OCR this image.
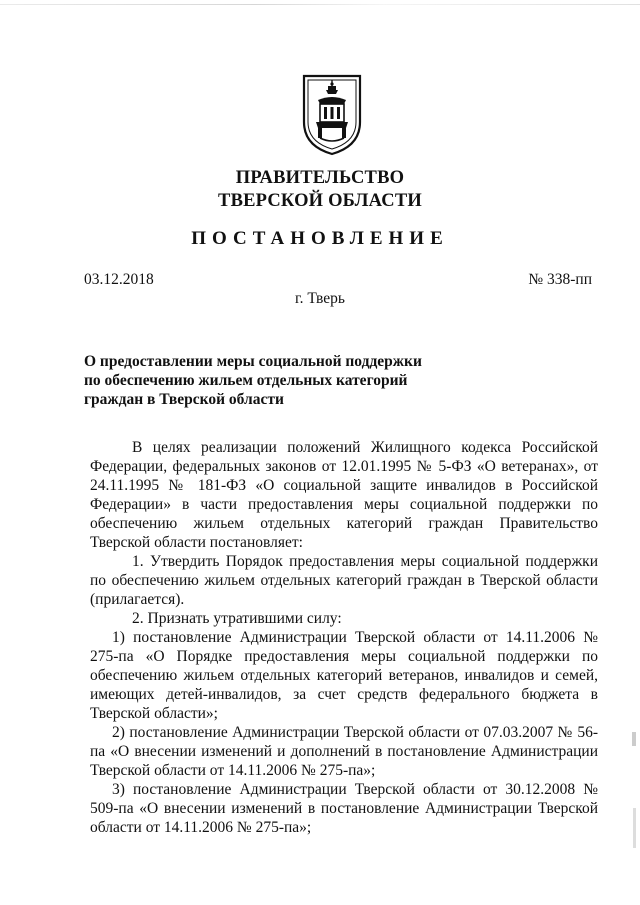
ПРАВИТЕЛЬСТВО
ТВЕРСКОЙ ОБЛАСТИ
ПОСТАНОВЛЕНИЕ
03.12.2018	№ 338-пп
г. Тверь
О предоставлении меры социальной поддержки
по обеспечению жильем отдельных категорий
граждан в Тверской области

В целях реализации положений Жилищного кодекса Российской Федерации, федеральных законов от 12.01.1995 № 5-ФЗ «О ветеранах», от 24.11.1995 № 181-ФЗ «О социальной защите инвалидов в Российской Федерации» в части предоставления меры социальной поддержки по обеспечению жильем отдельных категорий граждан Правительство Тверской области постановляет:

1. Утвердить Порядок предоставления меры социальной поддержки по обеспечению жильем отдельных категорий граждан в Тверской области (прилагается).

2. Признать утратившими силу:

1) постановление Администрации Тверской области от 14.11.2006 № 275-па «О Порядке предоставления меры социальной поддержки по обеспечению жильем отдельных категорий ветеранов, инвалидов и семей, имеющих детей-инвалидов, за счет средств федерального бюджета в Тверской области»;

2) постановление Администрации Тверской области от 07.03.2007 № 56-па «О внесении изменений и дополнений в постановление Администрации Тверской области от 14.11.2006 № 275-па»;

3) постановление Администрации Тверской области от 30.12.2008 № 509-па «О внесении изменений в постановление Администрации Тверской области от 14.11.2006 № 275-па»;
